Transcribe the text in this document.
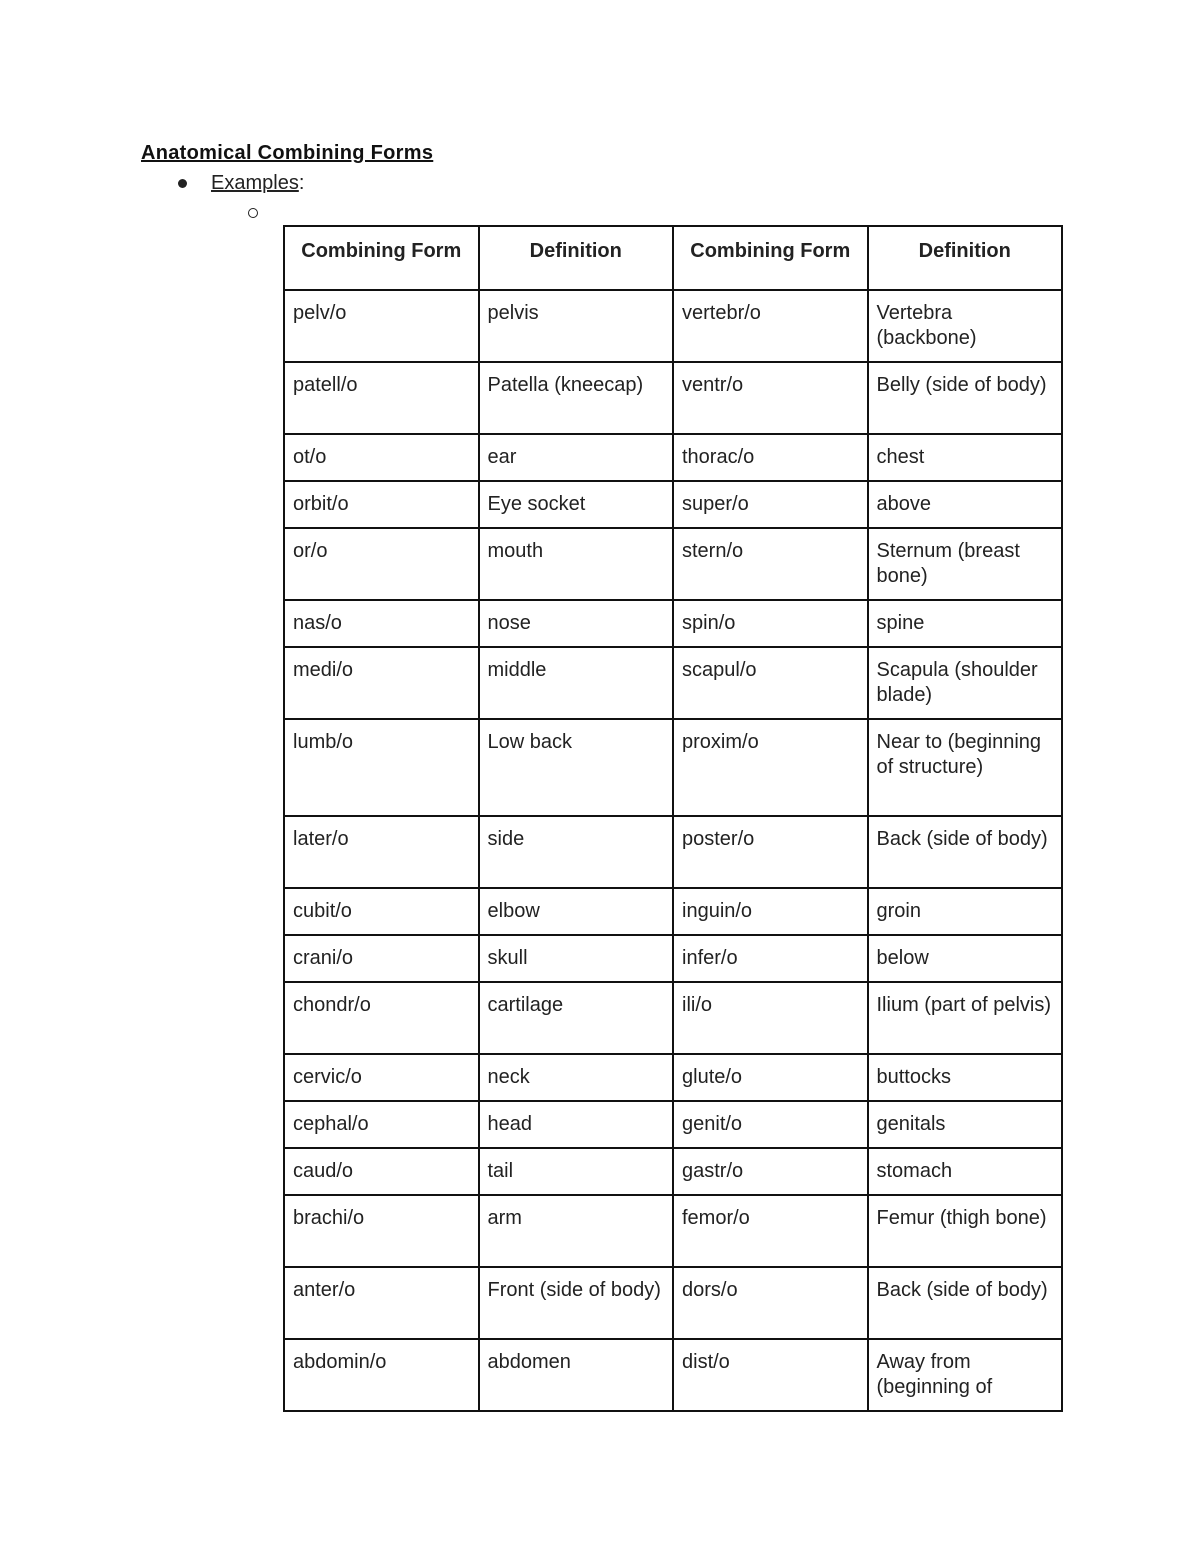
Anatomical Combining Forms
Examples :
Combining Form	Definition	Combining Form	Definition
pelv/o	pelvis	vertebr/o	Vertebra (backbone)
patell/o	Patella (kneecap)	ventr/o	Belly (side of body)
ot/o	ear	thorac/o	chest
orbit/o	Eye socket	super/o	above
or/o	mouth	stern/o	Sternum (breast bone)
nas/o	nose	spin/o	spine
medi/o	middle	scapul/o	Scapula (shoulder blade)
lumb/o	Low back	proxim/o	Near to (beginning of structure)
later/o	side	poster/o	Back (side of body)
cubit/o	elbow	inguin/o	groin
crani/o	skull	infer/o	below
chondr/o	cartilage	ili/o	Ilium (part of pelvis)
cervic/o	neck	glute/o	buttocks
cephal/o	head	genit/o	genitals
caud/o	tail	gastr/o	stomach
brachi/o	arm	femor/o	Femur (thigh bone)
anter/o	Front (side of body)	dors/o	Back (side of body)
abdomin/o	abdomen	dist/o	Away from (beginning of
